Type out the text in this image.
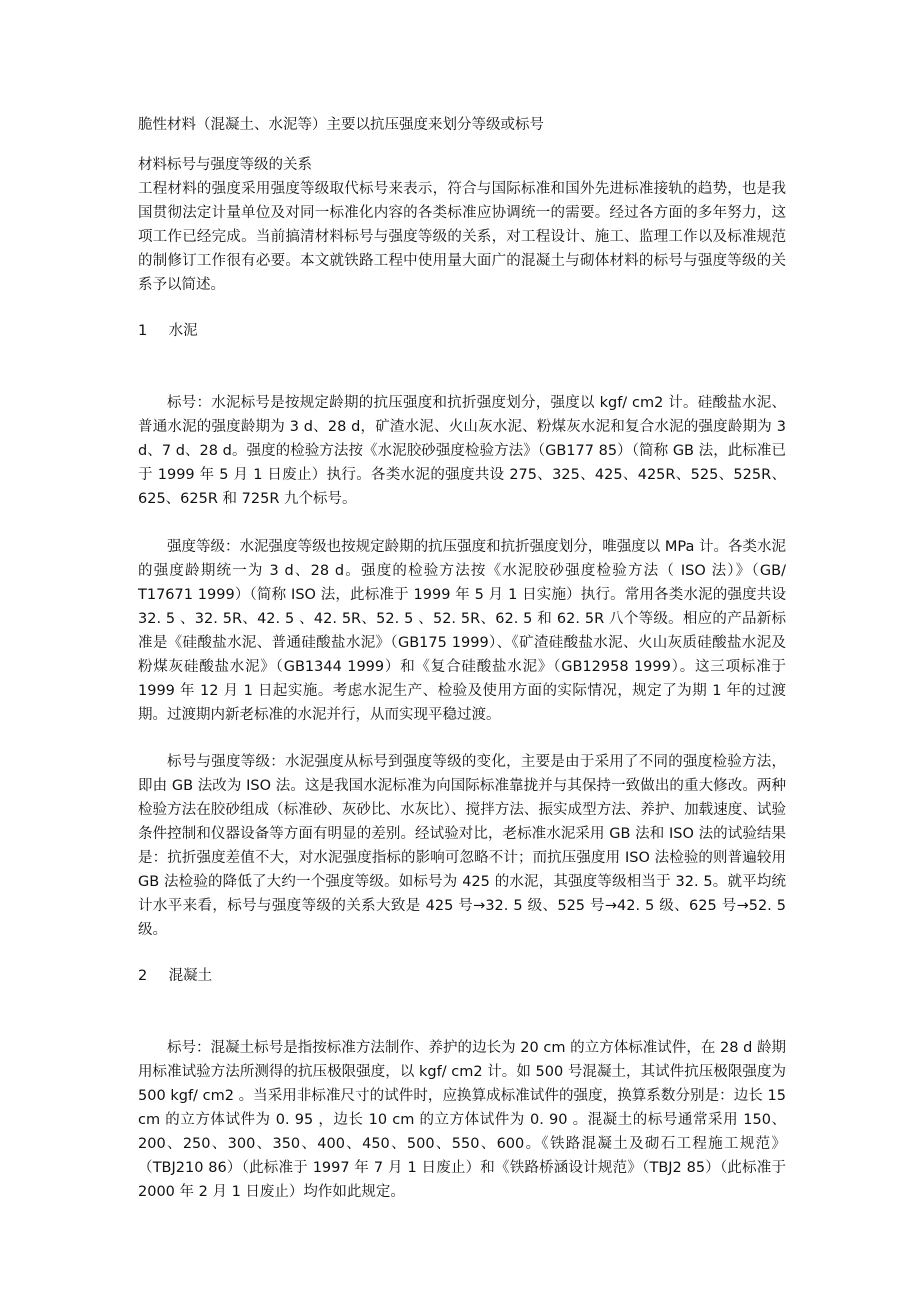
脆性材料（混凝土、水泥等）主要以抗压强度来划分等级或标号

材料标号与强度等级的关系

工程材料的强度采用强度等级取代标号来表示，符合与国际标准和国外先进标准接轨的趋势，也是我国贯彻法定计量单位及对同一标准化内容的各类标准应协调统一的需要。经过各方面的多年努力，这项工作已经完成。当前搞清材料标号与强度等级的关系，对工程设计、施工、监理工作以及标准规范的制修订工作很有必要。本文就铁路工程中使用量大面广的混凝土与砌体材料的标号与强度等级的关系予以简述。

1 水泥

标号：水泥标号是按规定龄期的抗压强度和抗折强度划分，强度以 kgf/ cm2 计。硅酸盐水泥、普通水泥的强度龄期为 3 d、28 d，矿渣水泥、火山灰水泥、粉煤灰水泥和复合水泥的强度龄期为 3 d、7 d、28 d。强度的检验方法按《水泥胶砂强度检验方法》（GB177 85）（简称 GB 法，此标准已于 1999 年 5 月 1 日废止）执行。各类水泥的强度共设 275、325、425、425R、525、525R、625、625R 和 725R 九个标号。

强度等级：水泥强度等级也按规定龄期的抗压强度和抗折强度划分，唯强度以 MPa 计。各类水泥的强度龄期统一为 3 d、28 d。强度的检验方法按《水泥胶砂强度检验方法（ ISO 法）》（GB/ T17671 1999）（简称 ISO 法，此标准于 1999 年 5 月 1 日实施）执行。常用各类水泥的强度共设 32. 5 、32. 5R、42. 5 、42. 5R、52. 5 、52. 5R、62. 5 和 62. 5R 八个等级。相应的产品新标准是《硅酸盐水泥、普通硅酸盐水泥》（GB175 1999）、《矿渣硅酸盐水泥、火山灰质硅酸盐水泥及粉煤灰硅酸盐水泥》（GB1344 1999）和《复合硅酸盐水泥》（GB12958 1999）。这三项标准于 1999 年 12 月 1 日起实施。考虑水泥生产、检验及使用方面的实际情况，规定了为期 1 年的过渡期。过渡期内新老标准的水泥并行，从而实现平稳过渡。

标号与强度等级：水泥强度从标号到强度等级的变化，主要是由于采用了不同的强度检验方法，即由 GB 法改为 ISO 法。这是我国水泥标准为向国际标准靠拢并与其保持一致做出的重大修改。两种检验方法在胶砂组成（标准砂、灰砂比、水灰比）、搅拌方法、振实成型方法、养护、加载速度、试验条件控制和仪器设备等方面有明显的差别。经试验对比，老标准水泥采用 GB 法和 ISO 法的试验结果是：抗折强度差值不大，对水泥强度指标的影响可忽略不计；而抗压强度用 ISO 法检验的则普遍较用 GB 法检验的降低了大约一个强度等级。如标号为 425 的水泥，其强度等级相当于 32. 5。就平均统计水平来看，标号与强度等级的关系大致是 425 号→32. 5 级、525 号→42. 5 级、625 号→52. 5 级。

2 混凝土

标号：混凝土标号是指按标准方法制作、养护的边长为 20 cm 的立方体标准试件，在 28 d 龄期用标准试验方法所测得的抗压极限强度，以 kgf/ cm2 计。如 500 号混凝土，其试件抗压极限强度为 500 kgf/ cm2 。当采用非标准尺寸的试件时，应换算成标准试件的强度，换算系数分别是：边长 15 cm 的立方体试件为 0. 95 ，边长 10 cm 的立方体试件为 0. 90 。混凝土的标号通常采用 150、200、250、300、350、400、450、500、550、600。《铁路混凝土及砌石工程施工规范》（TBJ210 86）（此标准于 1997 年 7 月 1 日废止）和《铁路桥涵设计规范》（TBJ2 85）（此标准于 2000 年 2 月 1 日废止）均作如此规定。
